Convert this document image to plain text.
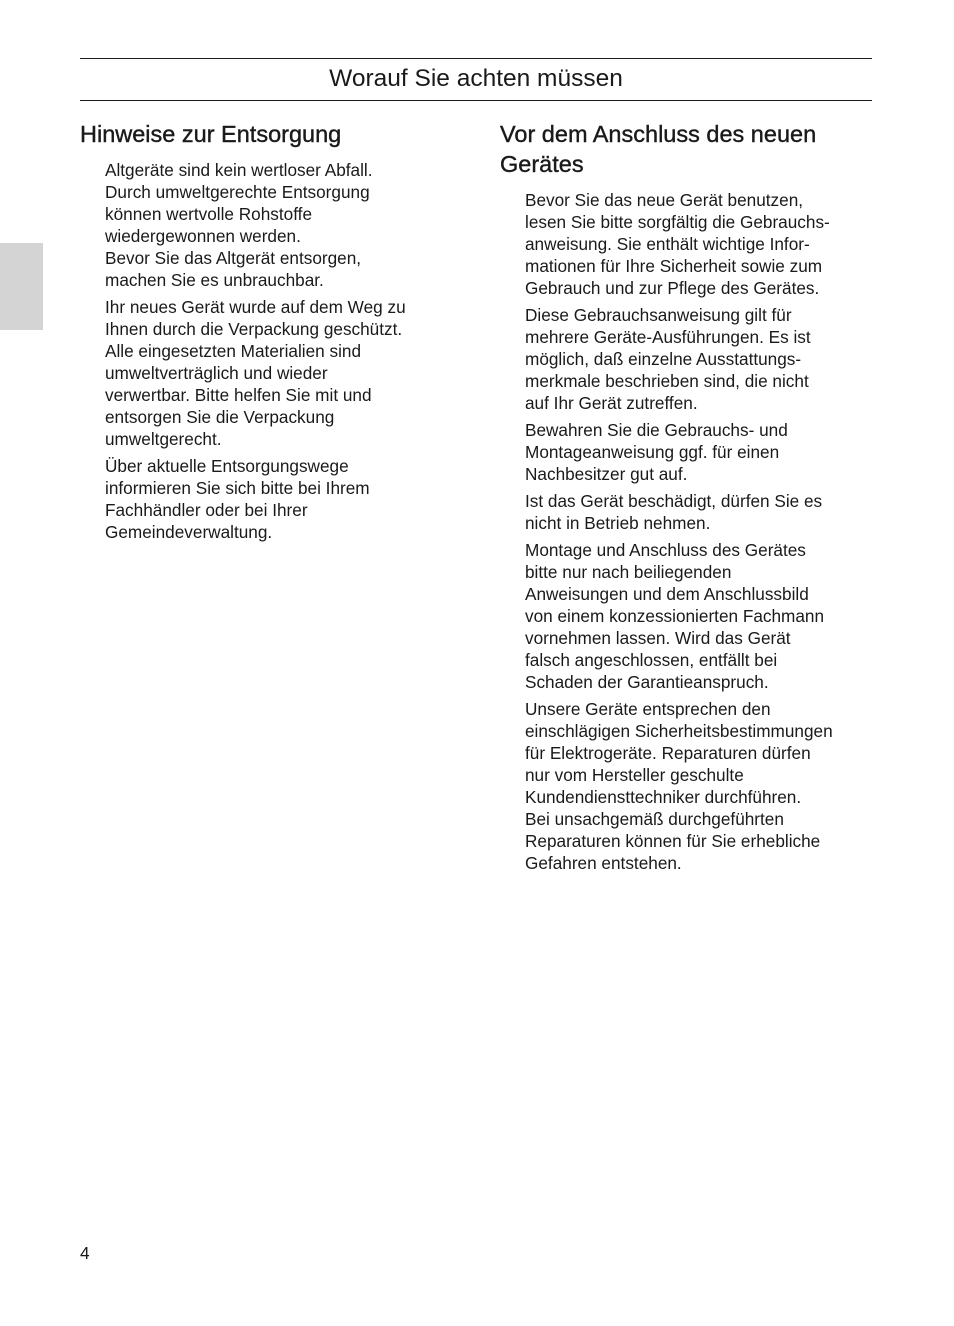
Worauf Sie achten müssen
Hinweise zur Entsorgung

Altgeräte sind kein wertloser Abfall.
Durch umweltgerechte Entsorgung
können wertvolle Rohstoffe
wiedergewonnen werden.
Bevor Sie das Altgerät entsorgen,
machen Sie es unbrauchbar.

Ihr neues Gerät wurde auf dem Weg zu
Ihnen durch die Verpackung geschützt.
Alle eingesetzten Materialien sind
umweltverträglich und wieder
verwertbar. Bitte helfen Sie mit und
entsorgen Sie die Verpackung
umweltgerecht.

Über aktuelle Entsorgungswege
informieren Sie sich bitte bei Ihrem
Fachhändler oder bei Ihrer
Gemeindeverwaltung.

Vor dem Anschluss des neuen
Gerätes

Bevor Sie das neue Gerät benutzen,
lesen Sie bitte sorgfältig die Gebrauchs-
anweisung. Sie enthält wichtige Infor-
mationen für Ihre Sicherheit sowie zum
Gebrauch und zur Pflege des Gerätes.

Diese Gebrauchsanweisung gilt für
mehrere Geräte-Ausführungen. Es ist
möglich, daß einzelne Ausstattungs-
merkmale beschrieben sind, die nicht
auf Ihr Gerät zutreffen.

Bewahren Sie die Gebrauchs- und
Montageanweisung ggf. für einen
Nachbesitzer gut auf.

Ist das Gerät beschädigt, dürfen Sie es
nicht in Betrieb nehmen.

Montage und Anschluss des Gerätes
bitte nur nach beiliegenden
Anweisungen und dem Anschlussbild
von einem konzessionierten Fachmann
vornehmen lassen. Wird das Gerät
falsch angeschlossen, entfällt bei
Schaden der Garantieanspruch.

Unsere Geräte entsprechen den
einschlägigen Sicherheitsbestimmungen
für Elektrogeräte. Reparaturen dürfen
nur vom Hersteller geschulte
Kundendiensttechniker durchführen.
Bei unsachgemäß durchgeführten
Reparaturen können für Sie erhebliche
Gefahren entstehen.

4
